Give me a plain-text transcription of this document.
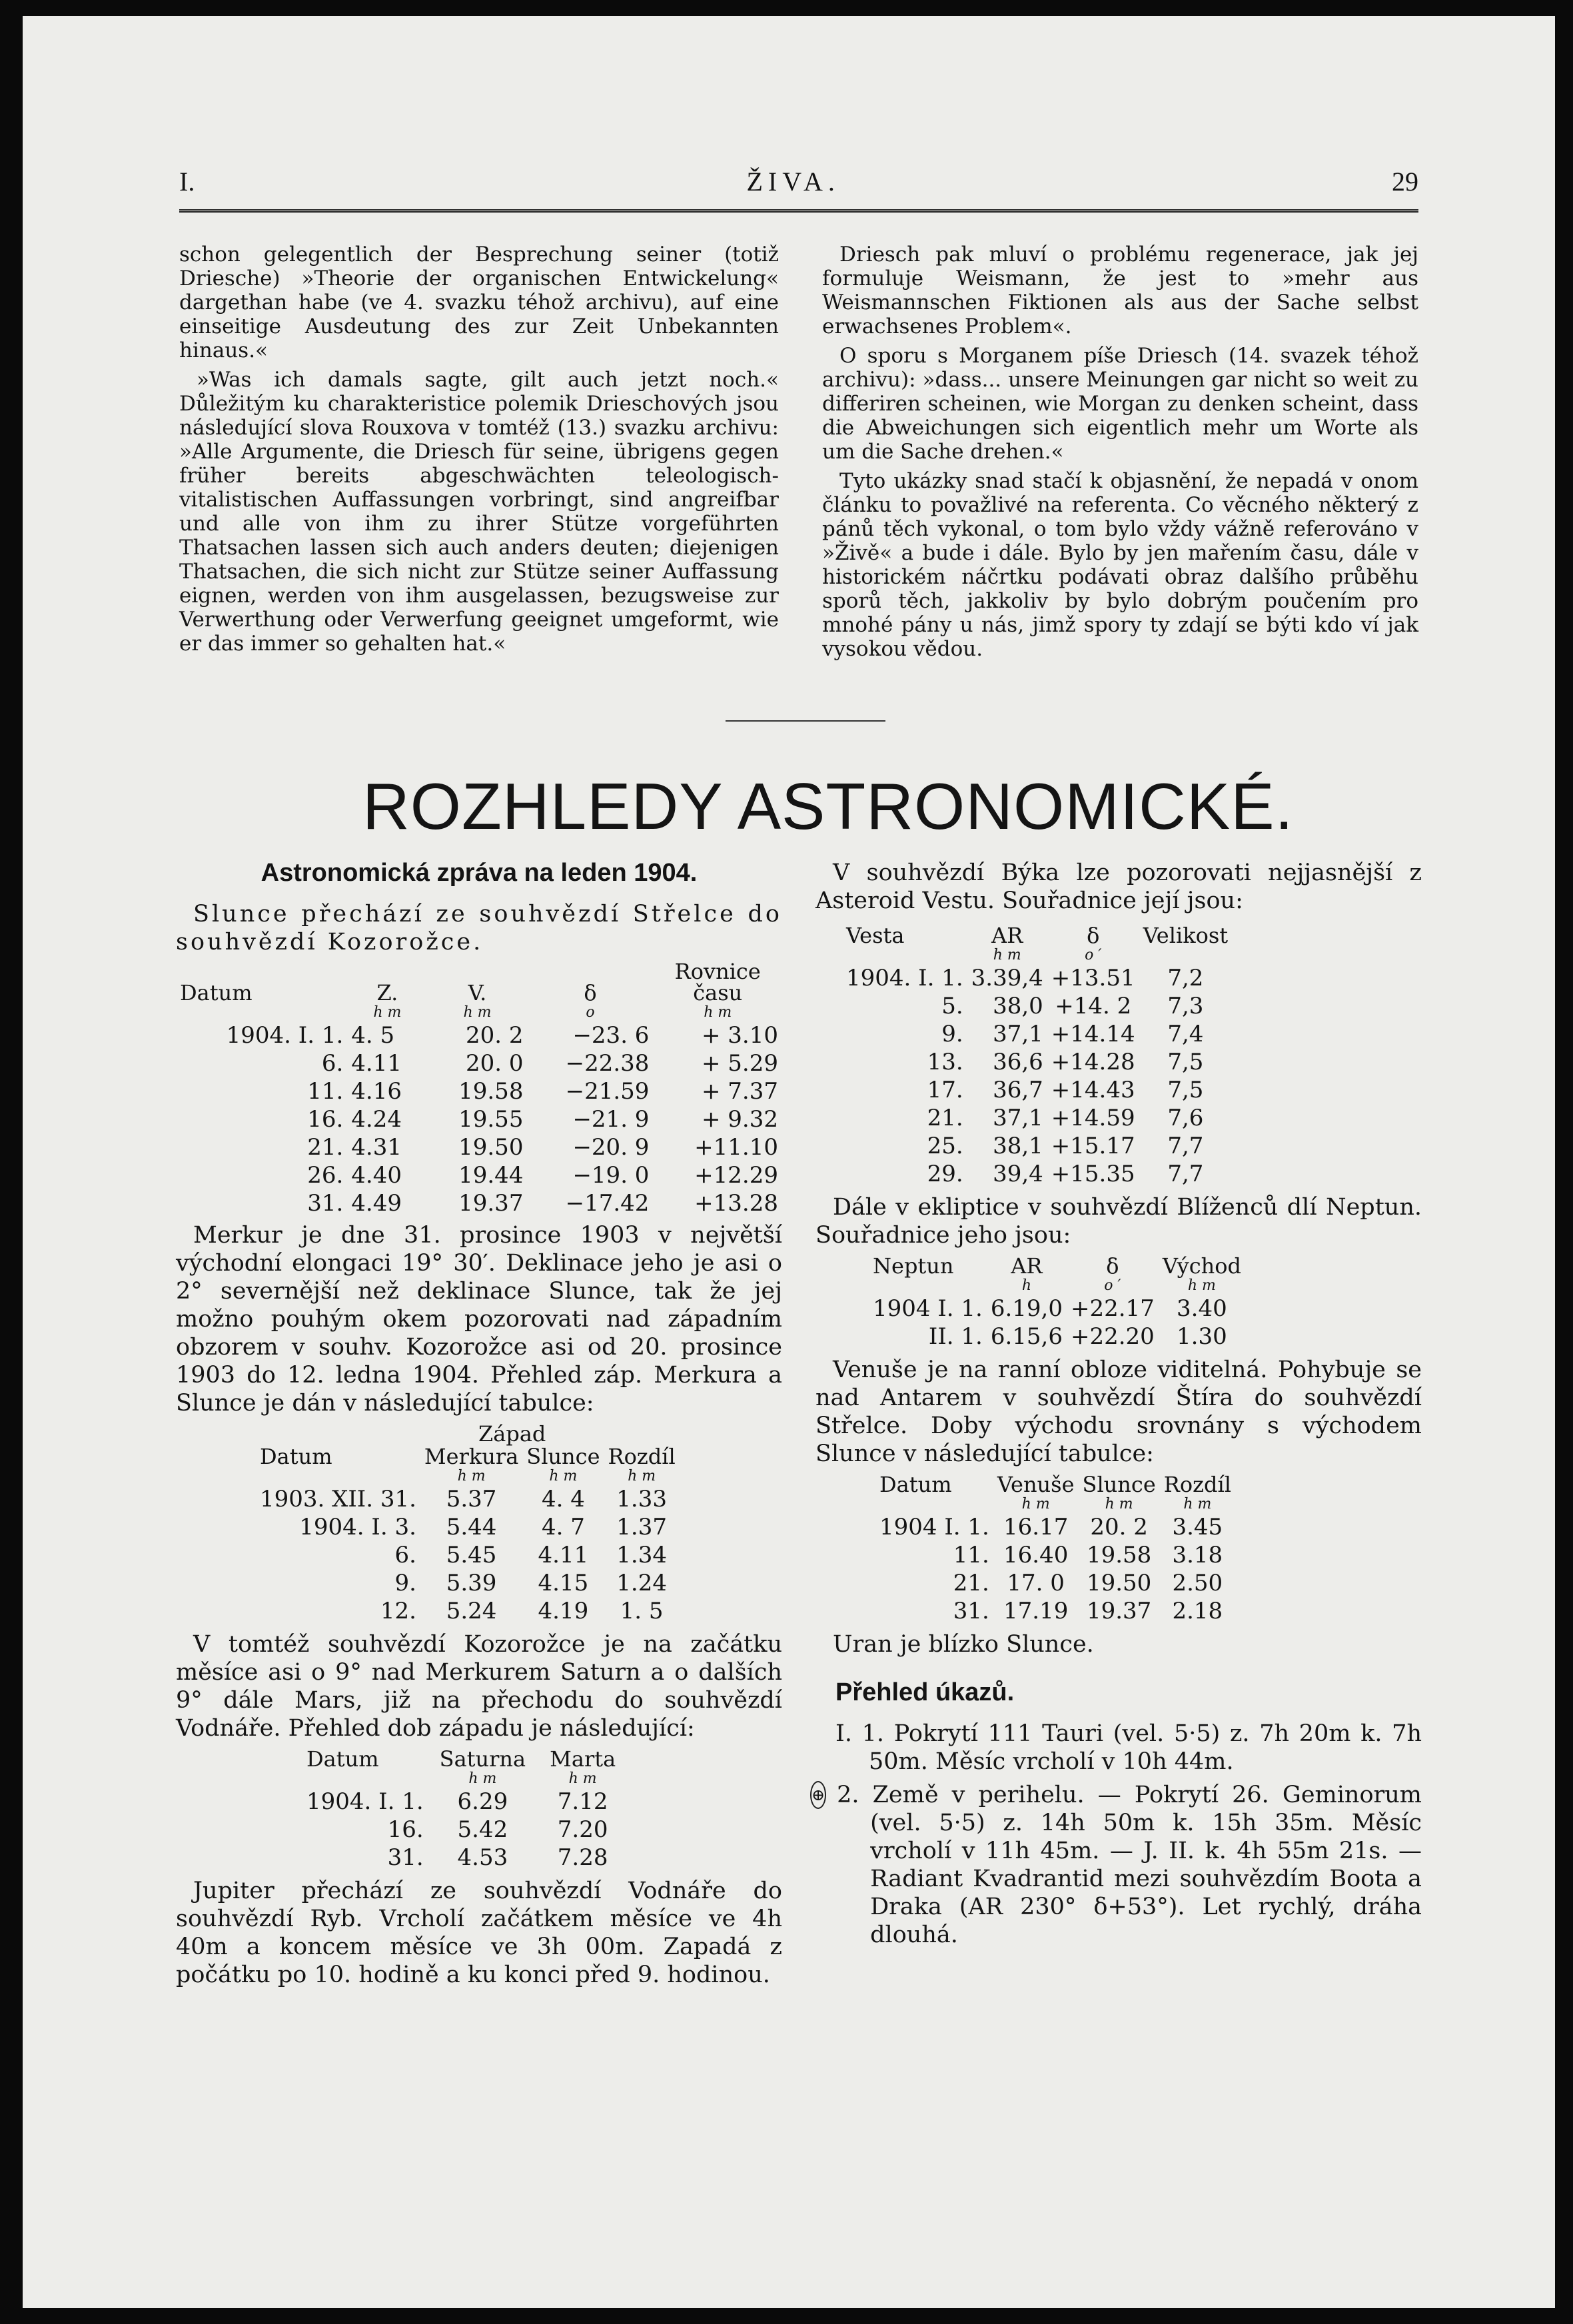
I.	ŽIVA.	29

schon gelegentlich der Besprechung seiner (totiž Driesche) »Theorie der organischen Entwickelung« dargethan habe (ve 4. svazku téhož archivu), auf eine einseitige Ausdeutung des zur Zeit Unbekannten hinaus.«

»Was ich damals sagte, gilt auch jetzt noch.« Důležitým ku charakteristice polemik Drieschových jsou následující slova Rouxova v tomtéž (13.) svazku archivu: »Alle Argumente, die Driesch für seine, übrigens gegen früher bereits abgeschwächten teleologisch-vitalistischen Auffassungen vorbringt, sind angreifbar und alle von ihm zu ihrer Stütze vorgeführten Thatsachen lassen sich auch anders deuten; diejenigen Thatsachen, die sich nicht zur Stütze seiner Auffassung eignen, werden von ihm ausgelassen, bezugsweise zur Verwerthung oder Verwerfung geeignet umgeformt, wie er das immer so gehalten hat.«

Driesch pak mluví o problému regenerace, jak jej formuluje Weismann, že jest to »mehr aus Weismannschen Fiktionen als aus der Sache selbst erwachsenes Problem«.

O sporu s Morganem píše Driesch (14. svazek téhož archivu): »dass... unsere Meinungen gar nicht so weit zu differiren scheinen, wie Morgan zu denken scheint, dass die Abweichungen sich eigentlich mehr um Worte als um die Sache drehen.«

Tyto ukázky snad stačí k objasnění, že nepadá v onom článku to považlivé na referenta. Co věcného některý z pánů těch vykonal, o tom bylo vždy vážně referováno v »Živě« a bude i dále. Bylo by jen mařením času, dále v historickém náčrtku podávati obraz dalšího průběhu sporů těch, jakkoliv by bylo dobrým poučením pro mnohé pány u nás, jimž spory ty zdají se býti kdo ví jak vysokou vědou.

ROZHLEDY ASTRONOMICKÉ.
Astronomická zpráva na leden 1904.

Slunce přechází ze souhvězdí Střelce do souhvězdí Kozorožce.

				Rovnice
Datum	Z.	V.	δ	času
	h m	h m	o	h m
1904. I. 1.	4. 5	20. 2	−23. 6	+ 3.10
6.	4.11	20. 0	−22.38	+ 5.29
11.	4.16	19.58	−21.59	+ 7.37
16.	4.24	19.55	−21. 9	+ 9.32
21.	4.31	19.50	−20. 9	+11.10
26.	4.40	19.44	−19. 0	+12.29
31.	4.49	19.37	−17.42	+13.28

Merkur je dne 31. prosince 1903 v největší východní elongaci 19° 30′. Deklinace jeho je asi o 2° severnější než deklinace Slunce, tak že jej možno pouhým okem pozorovati nad západním obzorem v souhv. Kozorožce asi od 20. prosince 1903 do 12. ledna 1904. Přehled záp. Merkura a Slunce je dán v následující tabulce:

	Západ		
Datum	Merkura	Slunce	Rozdíl
	h m	h m	h m
1903. XII. 31.	5.37	4. 4	1.33
1904. I. 3.	5.44	4. 7	1.37
6.	5.45	4.11	1.34
9.	5.39	4.15	1.24
12.	5.24	4.19	1. 5

V tomtéž souhvězdí Kozorožce je na začátku měsíce asi o 9° nad Merkurem Saturn a o dalších 9° dále Mars, již na přechodu do souhvězdí Vodnáře. Přehled dob západu je následující:

Datum	Saturna	Marta
	h m	h m
1904. I. 1.	6.29	7.12
16.	5.42	7.20
31.	4.53	7.28

Jupiter přechází ze souhvězdí Vodnáře do souhvězdí Ryb. Vrcholí začátkem měsíce ve 4h 40m a koncem měsíce ve 3h 00m. Zapadá z počátku po 10. hodině a ku konci před 9. hodinou.

V souhvězdí Býka lze pozorovati nejjasnější z Asteroid Vestu. Souřadnice její jsou:

Vesta	AR	δ	Velikost
	h m	o ′	
1904. I. 1.	3.39,4	+13.51	7,2
5.	38,0	+14. 2	7,3
9.	37,1	+14.14	7,4
13.	36,6	+14.28	7,5
17.	36,7	+14.43	7,5
21.	37,1	+14.59	7,6
25.	38,1	+15.17	7,7
29.	39,4	+15.35	7,7

Dále v ekliptice v souhvězdí Blíženců dlí Neptun. Souřadnice jeho jsou:

Neptun	AR	δ	Východ
	h	o ′	h m
1904 I. 1.	6.19,0	+22.17	3.40
II. 1.	6.15,6	+22.20	1.30

Venuše je na ranní obloze viditelná. Pohybuje se nad Antarem v souhvězdí Štíra do souhvězdí Střelce. Doby východu srovnány s východem Slunce v následující tabulce:

Datum	Venuše	Slunce	Rozdíl
	h m	h m	h m
1904 I. 1.	16.17	20. 2	3.45
11.	16.40	19.58	3.18
21.	17. 0	19.50	2.50
31.	17.19	19.37	2.18

Uran je blízko Slunce.

Přehled úkazů.

I. 1. Pokrytí 111 Tauri (vel. 5·5) z. 7h 20m k. 7h 50m. Měsíc vrcholí v 10h 44m.

⊕ 2. Země v perihelu. — Pokrytí 26. Geminorum (vel. 5·5) z. 14h 50m k. 15h 35m. Měsíc vrcholí v 11h 45m. — J. II. k. 4h 55m 21s. — Radiant Kvadrantid mezi souhvězdím Boota a Draka (AR 230° δ+53°). Let rychlý, dráha dlouhá.
